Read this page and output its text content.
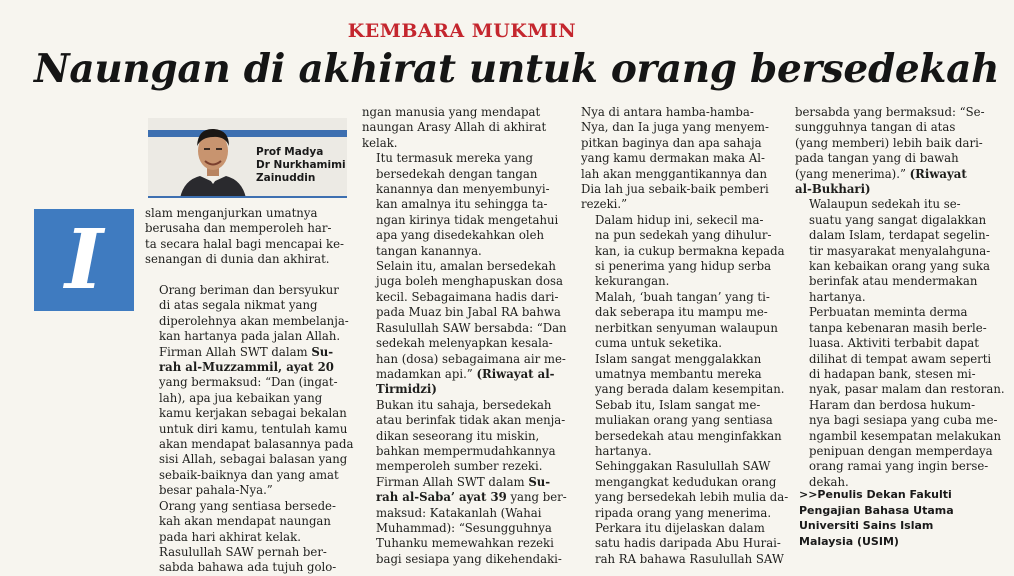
KEMBARA MUKMIN
Naungan di akhirat untuk orang bersedekah
Prof Madya
Dr Nurkhamimi
Zainuddin
I	slam menganjurkan umatnya
berusaha dan memperoleh har-
ta secara halal bagi mencapai ke-
senangan di dunia dan akhirat.

Orang beriman dan bersyukur
di atas segala nikmat yang
diperolehnya akan membelanja-
kan hartanya pada jalan Allah.

Firman Allah SWT dalam Su-
rah al-Muzzammil, ayat 20
yang bermaksud: “Dan (ingat-
lah), apa jua kebaikan yang
kamu kerjakan sebagai bekalan
untuk diri kamu, tentulah kamu
akan mendapat balasannya pada
sisi Allah, sebagai balasan yang
sebaik-baiknya dan yang amat
besar pahala-Nya.”

Orang yang sentiasa bersede-
kah akan mendapat naungan
pada hari akhirat kelak.

Rasulullah SAW pernah ber-
sabda bahawa ada tujuh golo-

ngan manusia yang mendapat
naungan Arasy Allah di akhirat
kelak.

Itu termasuk mereka yang
bersedekah dengan tangan
kanannya dan menyembunyi-
kan amalnya itu sehingga ta-
ngan kirinya tidak mengetahui
apa yang disedekahkan oleh
tangan kanannya.

Selain itu, amalan bersedekah
juga boleh menghapuskan dosa
kecil. Sebagaimana hadis dari-
pada Muaz bin Jabal RA bahwa
Rasulullah SAW bersabda: “Dan
sedekah melenyapkan kesala-
han (dosa) sebagaimana air me-
madamkan api.” (Riwayat al-
Tirmidzi)

Bukan itu sahaja, bersedekah
atau berinfak tidak akan menja-
dikan seseorang itu miskin,
bahkan mempermudahkannya
memperoleh sumber rezeki.

Firman Allah SWT dalam Su-
rah al-Saba’ ayat 39 yang ber-
maksud: Katakanlah (Wahai
Muhammad): “Sesungguhnya
Tuhanku memewahkan rezeki
bagi sesiapa yang dikehendaki-

Nya di antara hamba-hamba-
Nya, dan Ia juga yang menyem-
pitkan baginya dan apa sahaja
yang kamu dermakan maka Al-
lah akan menggantikannya dan
Dia lah jua sebaik-baik pemberi
rezeki.”

Dalam hidup ini, sekecil ma-
na pun sedekah yang dihulur-
kan, ia cukup bermakna kepada
si penerima yang hidup serba
kekurangan.

Malah, ‘buah tangan’ yang ti-
dak seberapa itu mampu me-
nerbitkan senyuman walaupun
cuma untuk seketika.

Islam sangat menggalakkan
umatnya membantu mereka
yang berada dalam kesempitan.

Sebab itu, Islam sangat me-
muliakan orang yang sentiasa
bersedekah atau menginfakkan
hartanya.

Sehinggakan Rasulullah SAW
mengangkat kedudukan orang
yang bersedekah lebih mulia da-
ripada orang yang menerima.

Perkara itu dijelaskan dalam
satu hadis daripada Abu Hurai-
rah RA bahawa Rasulullah SAW

bersabda yang bermaksud: “Se-
sungguhnya tangan di atas
(yang memberi) lebih baik dari-
pada tangan yang di bawah
(yang menerima).” (Riwayat
al-Bukhari)

Walaupun sedekah itu se-
suatu yang sangat digalakkan
dalam Islam, terdapat segelin-
tir masyarakat menyalahguna-
kan kebaikan orang yang suka
berinfak atau mendermakan
hartanya.

Perbuatan meminta derma
tanpa kebenaran masih berle-
luasa. Aktiviti terbabit dapat
dilihat di tempat awam seperti
di hadapan bank, stesen mi-
nyak, pasar malam dan restoran.

Haram dan berdosa hukum-
nya bagi sesiapa yang cuba me-
ngambil kesempatan melakukan
penipuan dengan memperdaya
orang ramai yang ingin berse-
dekah.

>>Penulis Dekan Fakulti
Pengajian Bahasa Utama
Universiti Sains Islam
Malaysia (USIM)
